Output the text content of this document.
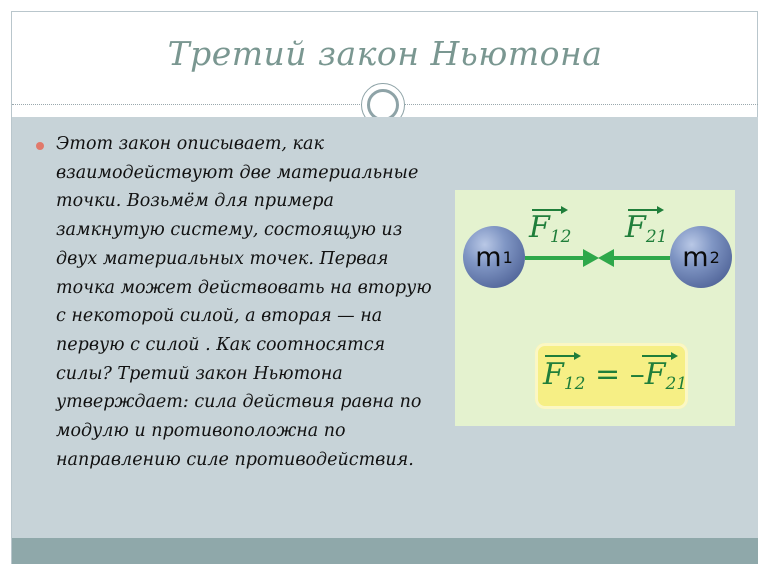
Третий закон Ньютона

Этот закон описывает, как взаимодействуют две материальные точки. Возьмём для примера замкнутую систему, состоящую из двух материальных точек. Первая точка может действовать на вторую с некоторой силой, а вторая — на первую с силой . Как соотносятся силы? Третий закон Ньютона утверждает: сила действия равна по модулю и противоположна по направлению силе противодействия.

m 1	m 2
$F_{12}$ $F_{21}$
$F_{12} = -F_{21}$
